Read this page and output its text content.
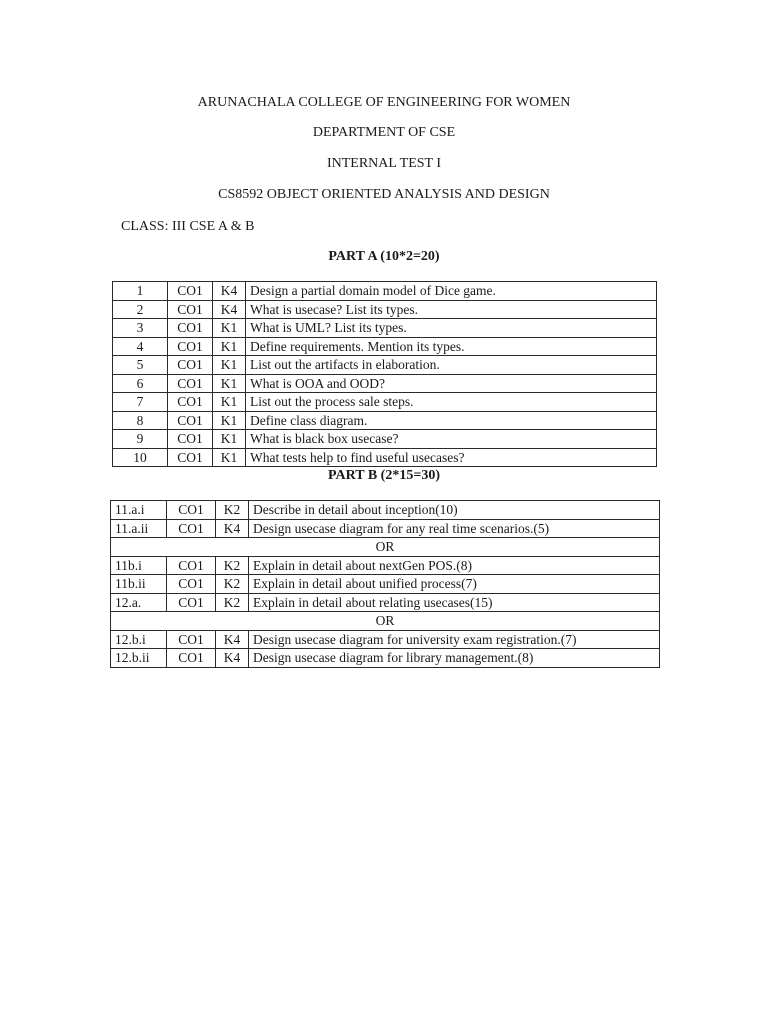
ARUNACHALA COLLEGE OF ENGINEERING FOR WOMEN
DEPARTMENT OF CSE
INTERNAL TEST I
CS8592 OBJECT ORIENTED ANALYSIS AND DESIGN
CLASS: III CSE A & B
PART A (10*2=20)
1	CO1	K4	Design a partial domain model of Dice game.
2	CO1	K4	What is usecase? List its types.
3	CO1	K1	What is UML? List its types.
4	CO1	K1	Define requirements. Mention its types.
5	CO1	K1	List out the artifacts in elaboration.
6	CO1	K1	What is OOA and OOD?
7	CO1	K1	List out the process sale steps.
8	CO1	K1	Define class diagram.
9	CO1	K1	What is black box usecase?
10	CO1	K1	What tests help to find useful usecases?
PART B (2*15=30)
11.a.i	CO1	K2	Describe in detail about inception(10)
11.a.ii	CO1	K4	Design usecase diagram for any real time scenarios.(5)
OR			
11b.i	CO1	K2	Explain in detail about nextGen POS.(8)
11b.ii	CO1	K2	Explain in detail about unified process(7)
12.a.	CO1	K2	Explain in detail about relating usecases(15)
OR			
12.b.i	CO1	K4	Design usecase diagram for university exam registration.(7)
12.b.ii	CO1	K4	Design usecase diagram for library management.(8)
